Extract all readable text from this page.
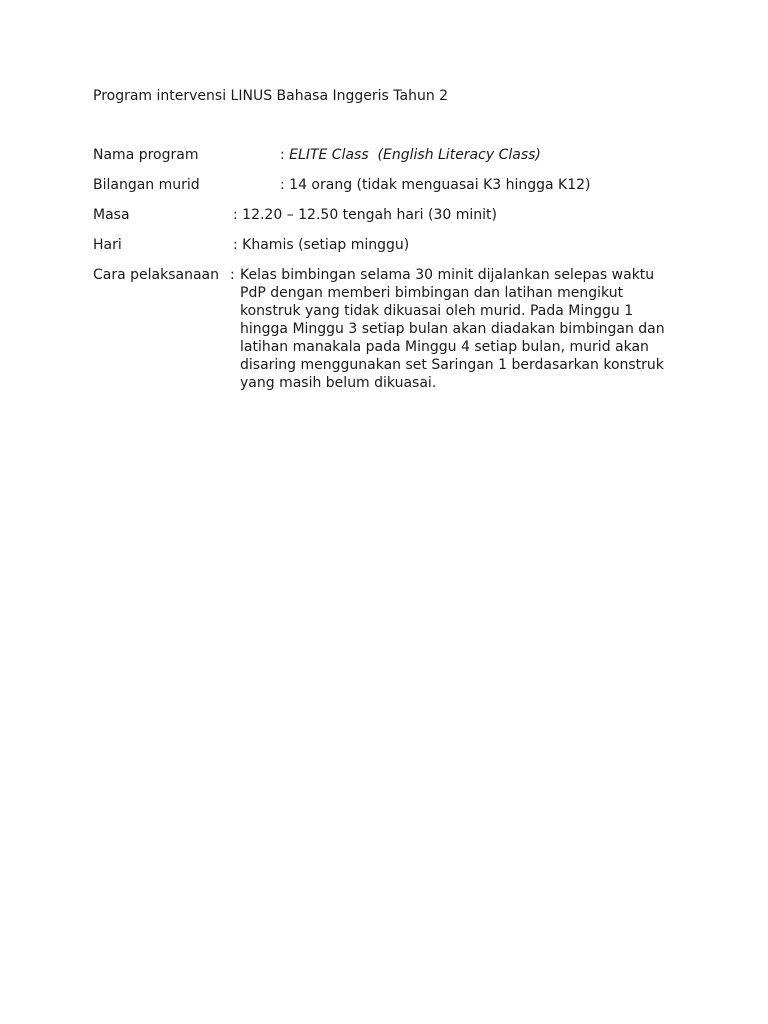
Program intervensi LINUS Bahasa Inggeris Tahun 2
Nama program	: ELITE Class (English Literacy Class)
Bilangan murid	: 14 orang (tidak menguasai K3 hingga K12)
Masa	: 12.20 – 12.50 tengah hari (30 minit)
Hari	: Khamis (setiap minggu)
Cara pelaksanaan : Kelas bimbingan selama 30 minit dijalankan selepas waktu
PdP dengan memberi bimbingan dan latihan mengikut
konstruk yang tidak dikuasai oleh murid. Pada Minggu 1
hingga Minggu 3 setiap bulan akan diadakan bimbingan dan
latihan manakala pada Minggu 4 setiap bulan, murid akan
disaring menggunakan set Saringan 1 berdasarkan konstruk
yang masih belum dikuasai.
